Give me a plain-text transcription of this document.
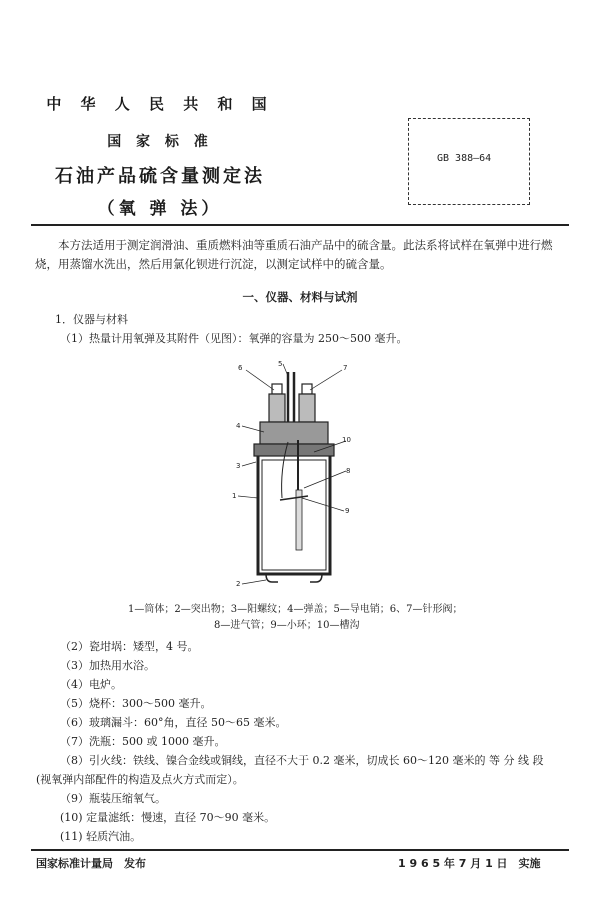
中 华 人 民 共 和 国
国 家 标 准
石油产品硫含量测定法
（氧 弹 法）
GB 388—64
本方法适用于测定润滑油、重质燃料油等重质石油产品中的硫含量。此法系将试样在氧弹中进行燃烧，用蒸馏水洗出，然后用氯化钡进行沉淀，以测定试样中的硫含量。
一、仪器、材料与试剂
1．仪器与材料
（1）热量计用氧弹及其附件（见图）：氧弹的容量为 250～500 毫升。
6	5	7
4
10
3
8
1
9
2
1—筒体；2—突出物；3—阳螺纹；4—弹盖；5—导电销；6、7—针形阀；
8—进气管；9—小环；10—槽沟
（2）瓷坩埚：矮型，4 号。
（3）加热用水浴。
（4）电炉。
（5）烧杯：300～500 毫升。
（6）玻璃漏斗：60°角，直径 50～65 毫米。
（7）洗瓶：500 或 1000 毫升。
（8）引火线：铁线、镍合金线或铜线，直径不大于 0.2 毫米，切成长 60～120 毫米的 等 分 线 段
(视氧弹内部配件的构造及点火方式而定）。
（9）瓶装压缩氧气。
(10) 定量滤纸：慢速，直径 70～90 毫米。
(11) 轻质汽油。
国家标准计量局　发布	1 9 6 5 年 7 月 1 日　实施
